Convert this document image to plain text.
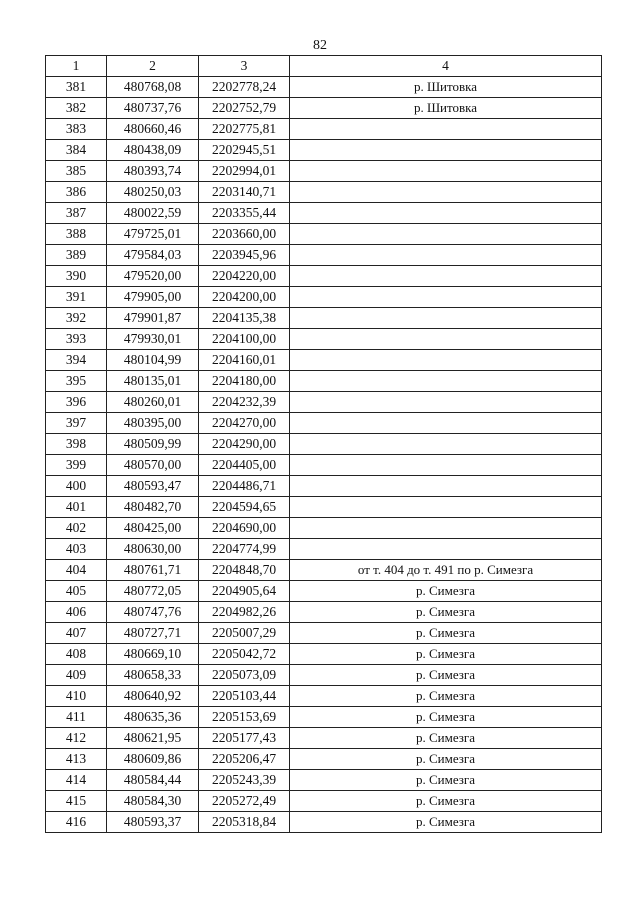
82
1	2	3	4
381	480768,08	2202778,24	р. Шитовка
382	480737,76	2202752,79	р. Шитовка
383	480660,46	2202775,81	
384	480438,09	2202945,51	
385	480393,74	2202994,01	
386	480250,03	2203140,71	
387	480022,59	2203355,44	
388	479725,01	2203660,00	
389	479584,03	2203945,96	
390	479520,00	2204220,00	
391	479905,00	2204200,00	
392	479901,87	2204135,38	
393	479930,01	2204100,00	
394	480104,99	2204160,01	
395	480135,01	2204180,00	
396	480260,01	2204232,39	
397	480395,00	2204270,00	
398	480509,99	2204290,00	
399	480570,00	2204405,00	
400	480593,47	2204486,71	
401	480482,70	2204594,65	
402	480425,00	2204690,00	
403	480630,00	2204774,99	
404	480761,71	2204848,70	от т. 404 до т. 491 по р. Симезга
405	480772,05	2204905,64	р. Симезга
406	480747,76	2204982,26	р. Симезга
407	480727,71	2205007,29	р. Симезга
408	480669,10	2205042,72	р. Симезга
409	480658,33	2205073,09	р. Симезга
410	480640,92	2205103,44	р. Симезга
411	480635,36	2205153,69	р. Симезга
412	480621,95	2205177,43	р. Симезга
413	480609,86	2205206,47	р. Симезга
414	480584,44	2205243,39	р. Симезга
415	480584,30	2205272,49	р. Симезга
416	480593,37	2205318,84	р. Симезга
